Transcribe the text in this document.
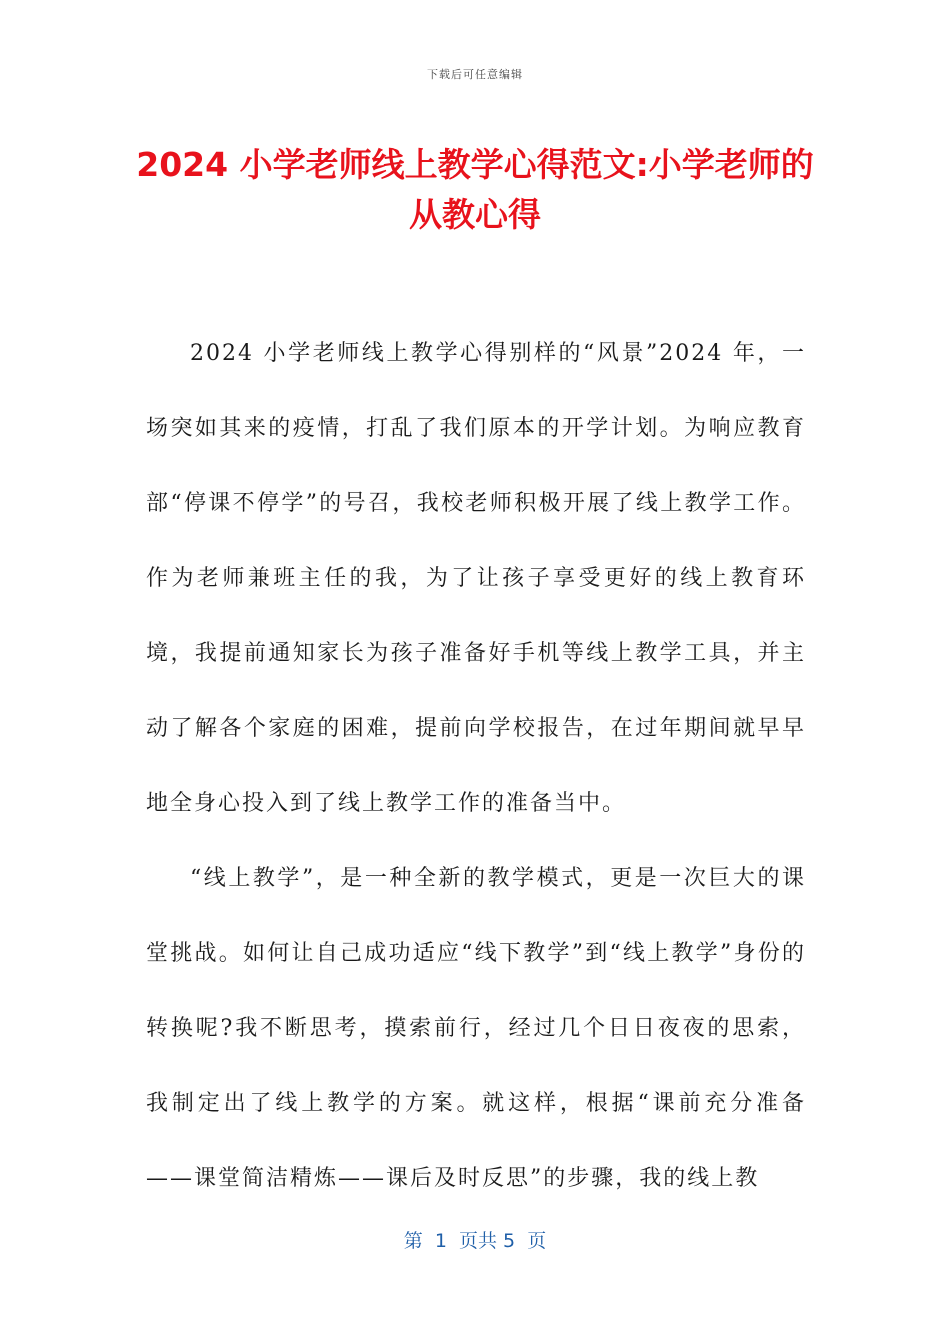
下载后可任意编辑
2024 小学老师线上教学心得范文:小学老师的从教心得

2024 小学老师线上教学心得别样的“风景”2024 年，一场突如其来的疫情，打乱了我们原本的开学计划。为响应教育部“停课不停学”的号召，我校老师积极开展了线上教学工作。作为老师兼班主任的我，为了让孩子享受更好的线上教育环境，我提前通知家长为孩子准备好手机等线上教学工具，并主动了解各个家庭的困难，提前向学校报告，在过年期间就早早地全身心投入到了线上教学工作的准备当中。

“线上教学”，是一种全新的教学模式，更是一次巨大的课堂挑战。如何让自己成功适应“线下教学”到“线上教学”身份的转换呢?我不断思考，摸索前行，经过几个日日夜夜的思索，我制定出了线上教学的方案。就这样，根据“课前充分准备——课堂简洁精炼——课后及时反思”的步骤，我的线上教

第  1  页共 5  页
